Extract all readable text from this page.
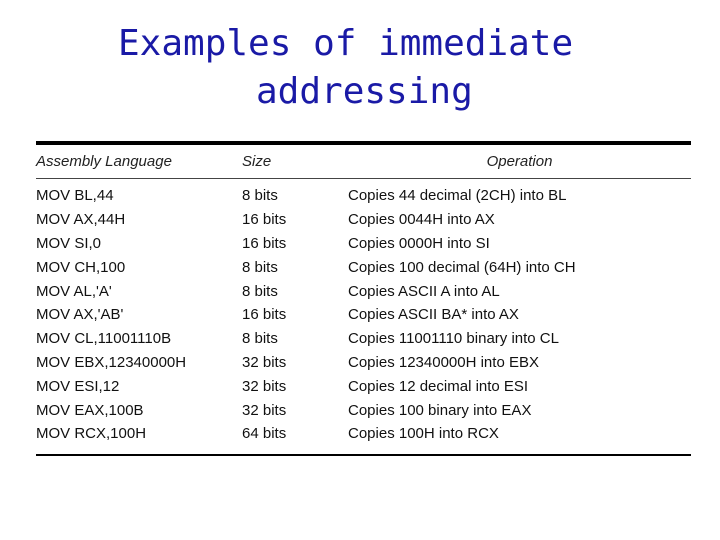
Examples of immediate
addressing
Assembly Language	Size	Operation

MOV BL,44	8 bits	Copies 44 decimal (2CH) into BL
MOV AX,44H	16 bits	Copies 0044H into AX
MOV SI,0	16 bits	Copies 0000H into SI
MOV CH,100	8 bits	Copies 100 decimal (64H) into CH
MOV AL,'A'	8 bits	Copies ASCII A into AL
MOV AX,'AB'	16 bits	Copies ASCII BA* into AX
MOV CL,11001110B	8 bits	Copies 11001110 binary into CL
MOV EBX,12340000H	32 bits	Copies 12340000H into EBX
MOV ESI,12	32 bits	Copies 12 decimal into ESI
MOV EAX,100B	32 bits	Copies 100 binary into EAX
MOV RCX,100H	64 bits	Copies 100H into RCX
